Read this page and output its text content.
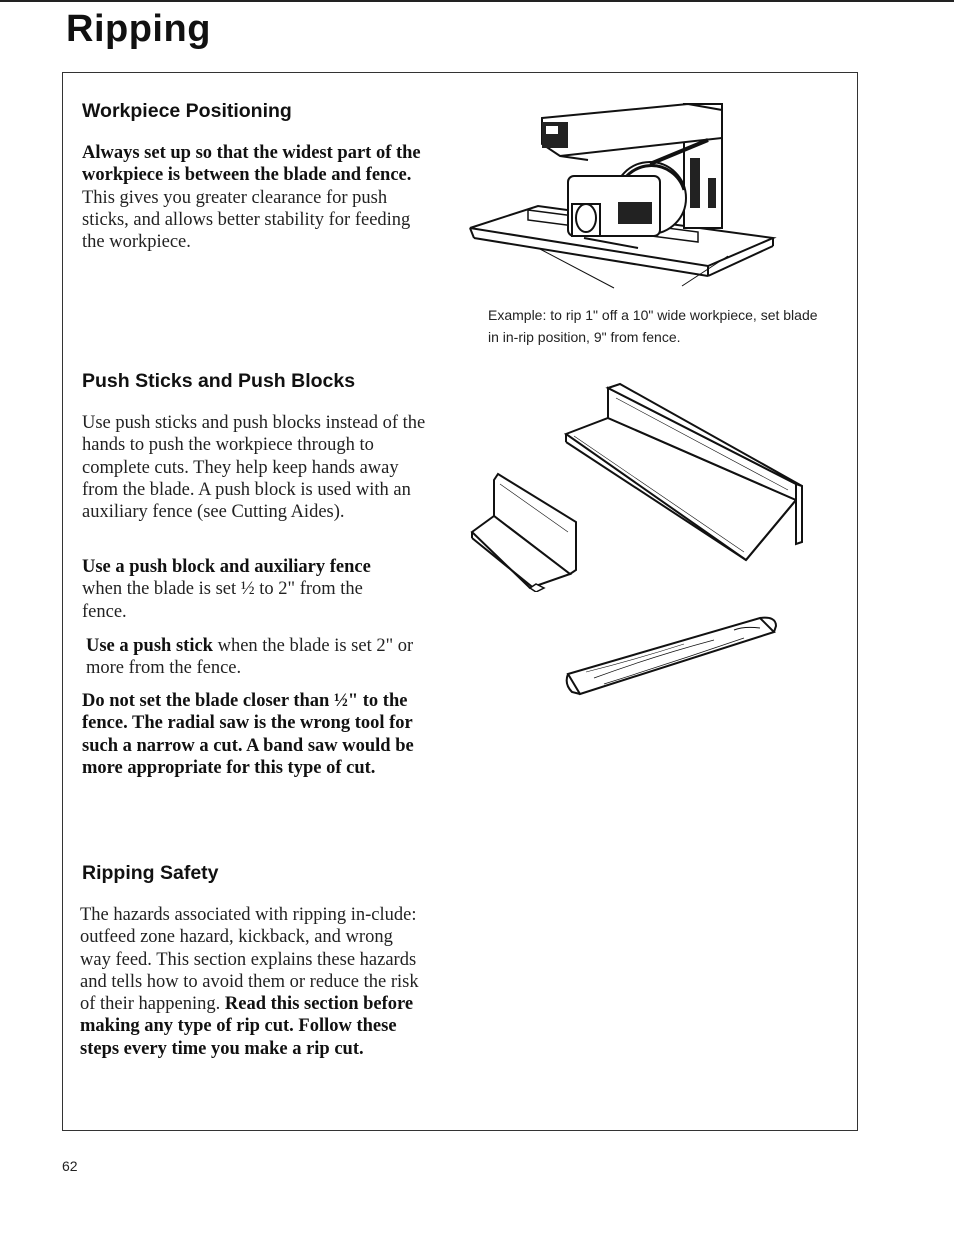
Ripping
Workpiece Positioning

Always set up so that the widest part of the workpiece is between the blade and fence. This gives you greater clearance for push sticks, and allows better stability for feeding the workpiece.

Example: to rip 1" off a 10" wide workpiece, set blade in in-rip position, 9" from fence.

Push Sticks and Push Blocks

Use push sticks and push blocks instead of the hands to push the workpiece through to complete cuts. They help keep hands away from the blade. A push block is used with an auxiliary fence (see Cutting Aides).

Use a push block and auxiliary fence when the blade is set ½ to 2" from the fence.

Use a push stick when the blade is set 2" or more from the fence.

Do not set the blade closer than ½" to the fence. The radial saw is the wrong tool for such a narrow a cut. A band saw would be more appropriate for this type of cut.

Ripping Safety

The hazards associated with ripping in-clude: outfeed zone hazard, kickback, and wrong way feed. This section explains these hazards and tells how to avoid them or reduce the risk of their happening. Read this section before making any type of rip cut. Follow these steps every time you make a rip cut.

62
